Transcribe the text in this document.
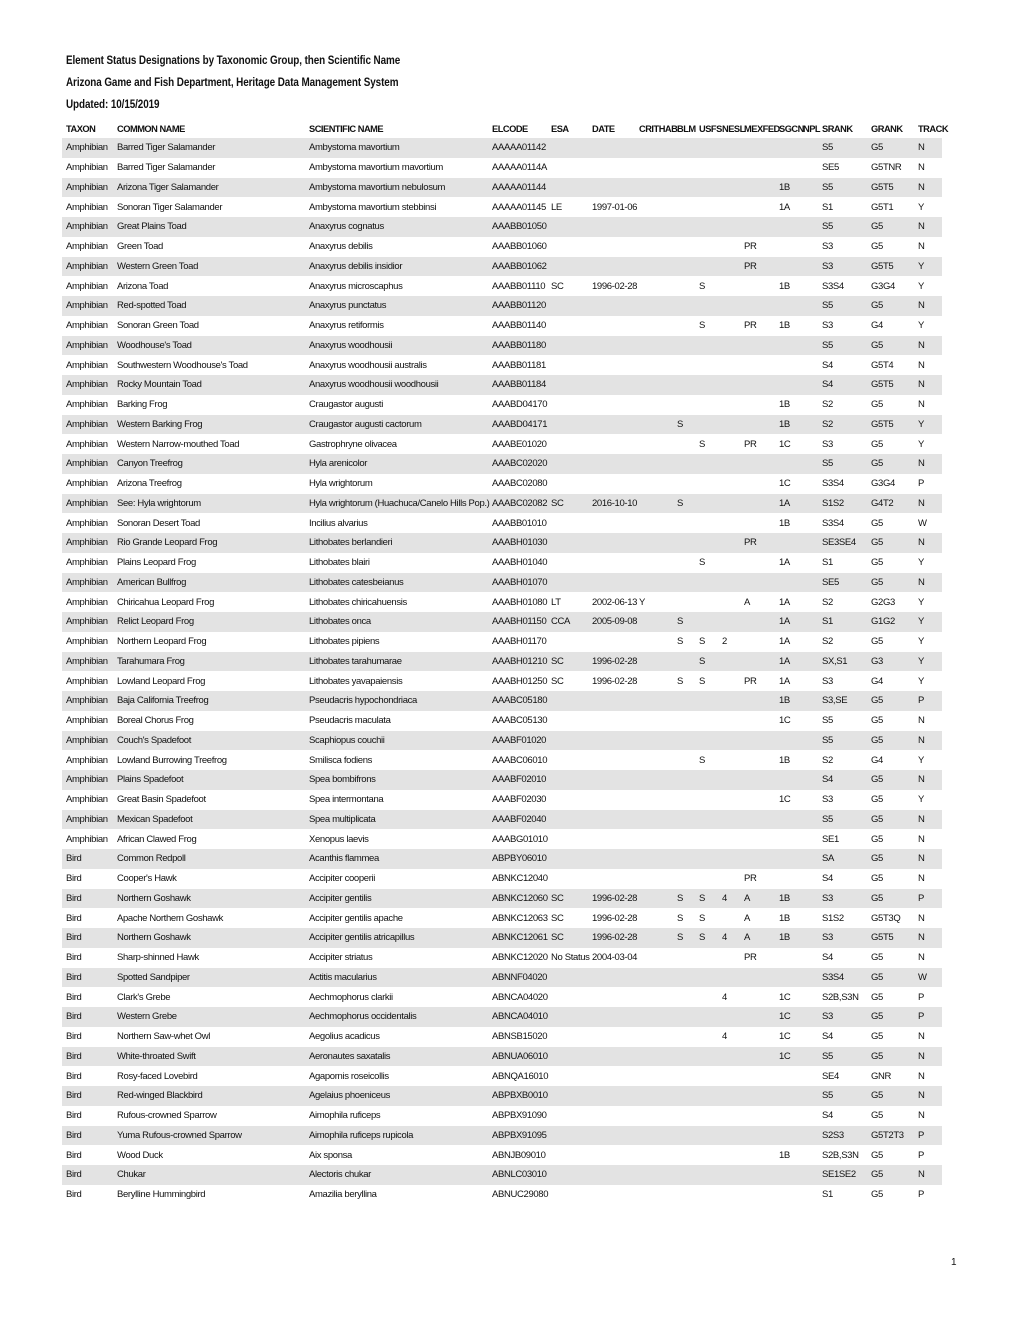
Element Status Designations by Taxonomic Group, then Scientific Name
Arizona Game and Fish Department, Heritage Data Management System
Updated: 10/15/2019
TAXON	COMMON NAME	SCIENTIFIC NAME	ELCODE	ESA	DATE	CRITHAB	BLM	USFS	NESL	MEXFED	SGCN	NPL	SRANK	GRANK	TRACK
Amphibian	Barred Tiger Salamander	Ambystoma mavortium	AAAAA01142										S5	G5	N
Amphibian	Barred Tiger Salamander	Ambystoma mavortium mavortium	AAAAA0114A										SE5	G5TNR	N
Amphibian	Arizona Tiger Salamander	Ambystoma mavortium nebulosum	AAAAA01144								1B		S5	G5T5	N
Amphibian	Sonoran Tiger Salamander	Ambystoma mavortium stebbinsi	AAAAA01145	LE	1997-01-06						1A		S1	G5T1	Y
Amphibian	Great Plains Toad	Anaxyrus cognatus	AAABB01050										S5	G5	N
Amphibian	Green Toad	Anaxyrus debilis	AAABB01060							PR			S3	G5	N
Amphibian	Western Green Toad	Anaxyrus debilis insidior	AAABB01062							PR			S3	G5T5	Y
Amphibian	Arizona Toad	Anaxyrus microscaphus	AAABB01110	SC	1996-02-28			S			1B		S3S4	G3G4	Y
Amphibian	Red-spotted Toad	Anaxyrus punctatus	AAABB01120										S5	G5	N
Amphibian	Sonoran Green Toad	Anaxyrus retiformis	AAABB01140					S		PR	1B		S3	G4	Y
Amphibian	Woodhouse's Toad	Anaxyrus woodhousii	AAABB01180										S5	G5	N
Amphibian	Southwestern Woodhouse's Toad	Anaxyrus woodhousii australis	AAABB01181										S4	G5T4	N
Amphibian	Rocky Mountain Toad	Anaxyrus woodhousii woodhousii	AAABB01184										S4	G5T5	N
Amphibian	Barking Frog	Craugastor augusti	AAABD04170								1B		S2	G5	N
Amphibian	Western Barking Frog	Craugastor augusti cactorum	AAABD04171				S				1B		S2	G5T5	Y
Amphibian	Western Narrow-mouthed Toad	Gastrophryne olivacea	AAABE01020					S		PR	1C		S3	G5	Y
Amphibian	Canyon Treefrog	Hyla arenicolor	AAABC02020										S5	G5	N
Amphibian	Arizona Treefrog	Hyla wrightorum	AAABC02080								1C		S3S4	G3G4	P
Amphibian	See: Hyla wrightorum	Hyla wrightorum (Huachuca/Canelo Hills Pop.)	AAABC02082	SC	2016-10-10		S				1A		S1S2	G4T2	N
Amphibian	Sonoran Desert Toad	Incilius alvarius	AAABB01010								1B		S3S4	G5	W
Amphibian	Rio Grande Leopard Frog	Lithobates berlandieri	AAABH01030							PR			SE3SE4	G5	N
Amphibian	Plains Leopard Frog	Lithobates blairi	AAABH01040					S			1A		S1	G5	Y
Amphibian	American Bullfrog	Lithobates catesbeianus	AAABH01070										SE5	G5	N
Amphibian	Chiricahua Leopard Frog	Lithobates chiricahuensis	AAABH01080	LT	2002-06-13	Y				A	1A		S2	G2G3	Y
Amphibian	Relict Leopard Frog	Lithobates onca	AAABH01150	CCA	2005-09-08		S				1A		S1	G1G2	Y
Amphibian	Northern Leopard Frog	Lithobates pipiens	AAABH01170				S	S	2		1A		S2	G5	Y
Amphibian	Tarahumara Frog	Lithobates tarahumarae	AAABH01210	SC	1996-02-28			S			1A		SX,S1	G3	Y
Amphibian	Lowland Leopard Frog	Lithobates yavapaiensis	AAABH01250	SC	1996-02-28		S	S		PR	1A		S3	G4	Y
Amphibian	Baja California Treefrog	Pseudacris hypochondriaca	AAABC05180								1B		S3,SE	G5	P
Amphibian	Boreal Chorus Frog	Pseudacris maculata	AAABC05130								1C		S5	G5	N
Amphibian	Couch's Spadefoot	Scaphiopus couchii	AAABF01020										S5	G5	N
Amphibian	Lowland Burrowing Treefrog	Smilisca fodiens	AAABC06010					S			1B		S2	G4	Y
Amphibian	Plains Spadefoot	Spea bombifrons	AAABF02010										S4	G5	N
Amphibian	Great Basin Spadefoot	Spea intermontana	AAABF02030								1C		S3	G5	Y
Amphibian	Mexican Spadefoot	Spea multiplicata	AAABF02040										S5	G5	N
Amphibian	African Clawed Frog	Xenopus laevis	AAABG01010										SE1	G5	N
Bird	Common Redpoll	Acanthis flammea	ABPBY06010										SA	G5	N
Bird	Cooper's Hawk	Accipiter cooperii	ABNKC12040							PR			S4	G5	N
Bird	Northern Goshawk	Accipiter gentilis	ABNKC12060	SC	1996-02-28		S	S	4	A	1B		S3	G5	P
Bird	Apache Northern Goshawk	Accipiter gentilis apache	ABNKC12063	SC	1996-02-28		S	S		A	1B		S1S2	G5T3Q	N
Bird	Northern Goshawk	Accipiter gentilis atricapillus	ABNKC12061	SC	1996-02-28		S	S	4	A	1B		S3	G5T5	N
Bird	Sharp-shinned Hawk	Accipiter striatus	ABNKC12020	No Status	2004-03-04					PR			S4	G5	N
Bird	Spotted Sandpiper	Actitis macularius	ABNNF04020										S3S4	G5	W
Bird	Clark's Grebe	Aechmophorus clarkii	ABNCA04020						4		1C		S2B,S3N	G5	P
Bird	Western Grebe	Aechmophorus occidentalis	ABNCA04010								1C		S3	G5	P
Bird	Northern Saw-whet Owl	Aegolius acadicus	ABNSB15020						4		1C		S4	G5	N
Bird	White-throated Swift	Aeronautes saxatalis	ABNUA06010								1C		S5	G5	N
Bird	Rosy-faced Lovebird	Agapornis roseicollis	ABNQA16010										SE4	GNR	N
Bird	Red-winged Blackbird	Agelaius phoeniceus	ABPBXB0010										S5	G5	N
Bird	Rufous-crowned Sparrow	Aimophila ruficeps	ABPBX91090										S4	G5	N
Bird	Yuma Rufous-crowned Sparrow	Aimophila ruficeps rupicola	ABPBX91095										S2S3	G5T2T3	P
Bird	Wood Duck	Aix sponsa	ABNJB09010								1B		S2B,S3N	G5	P
Bird	Chukar	Alectoris chukar	ABNLC03010										SE1SE2	G5	N
Bird	Berylline Hummingbird	Amazilia beryllina	ABNUC29080										S1	G5	P
1
